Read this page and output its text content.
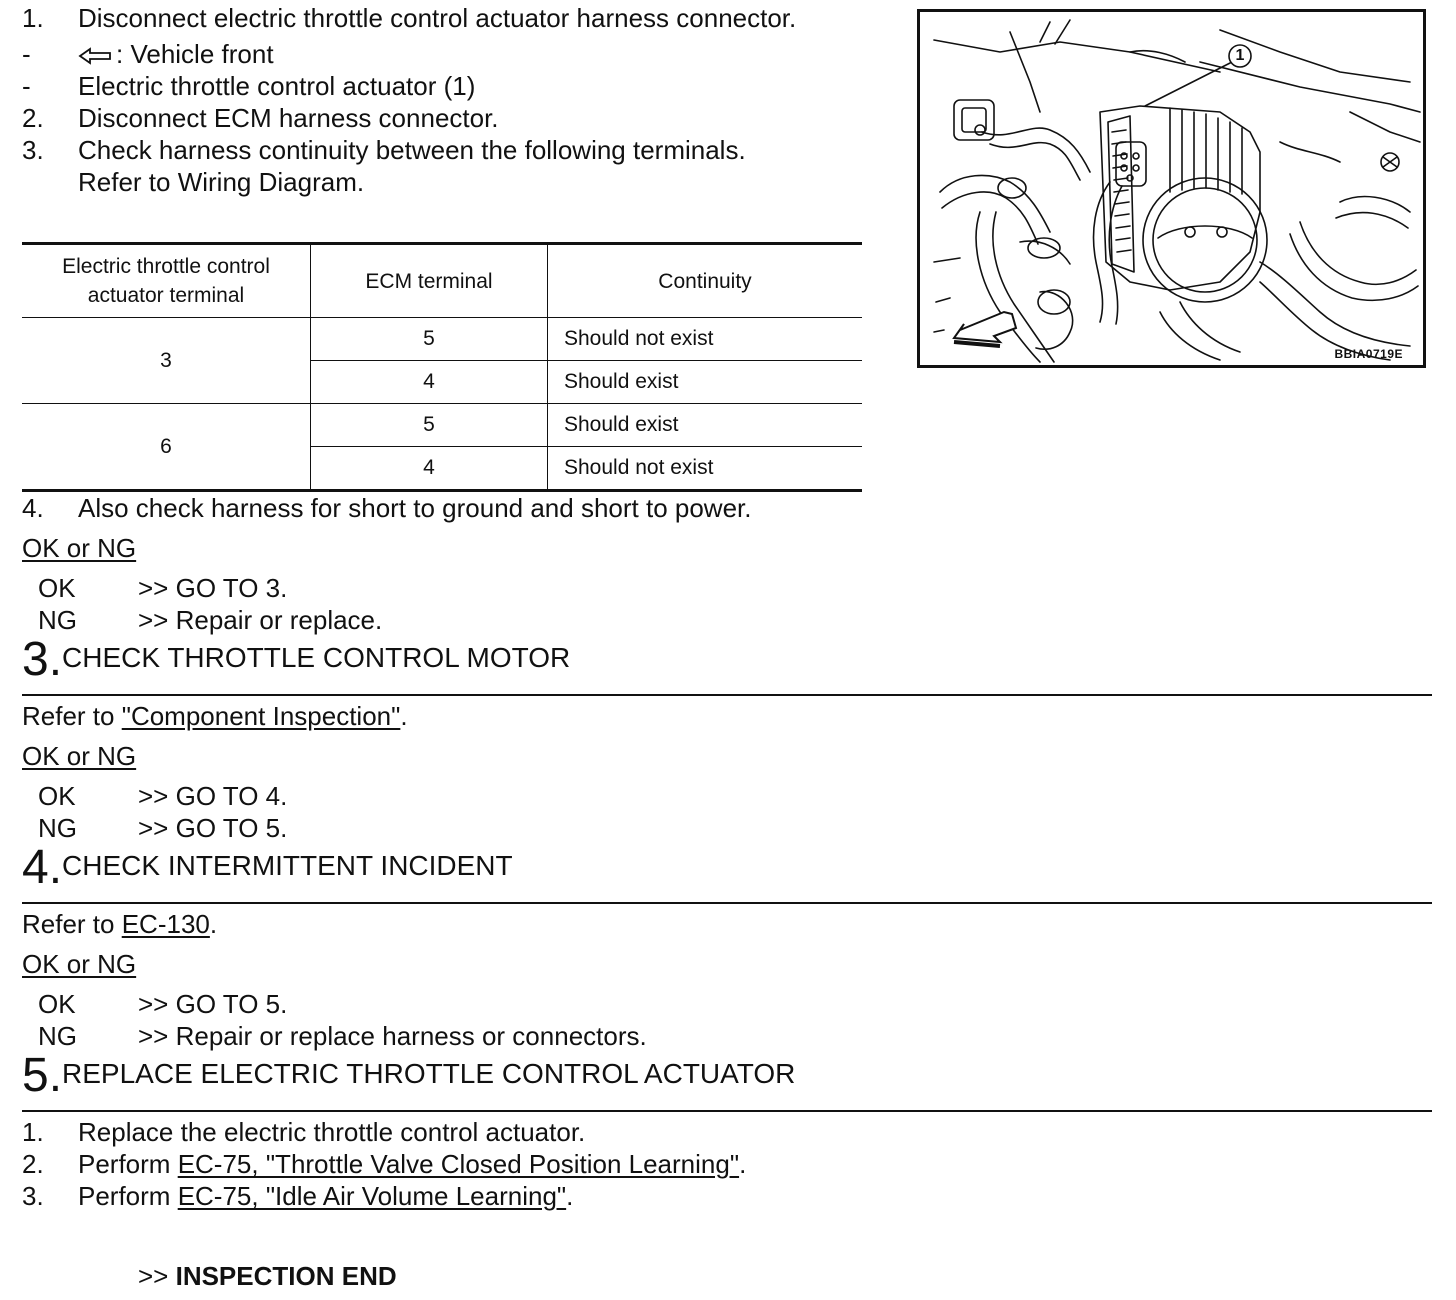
1. Disconnect electric throttle control actuator harness connector.
-	: Vehicle front
- Electric throttle control actuator (1)
2. Disconnect ECM harness connector.
3. Check harness continuity between the following terminals.
Refer to Wiring Diagram.
Electric throttle control
actuator terminal	ECM terminal	Continuity
3	5	Should not exist
	4	Should exist
6	5	Should exist
	4	Should not exist
4. Also check harness for short to ground and short to power.
OK or NG
OK >> GO TO 3.
NG >> Repair or replace.
3.CHECK THROTTLE CONTROL MOTOR
Refer to "Component Inspection".
OK or NG
OK >> GO TO 4.
NG >> GO TO 5.
4.CHECK INTERMITTENT INCIDENT
Refer to EC-130.
OK or NG
OK >> GO TO 5.
NG >> Repair or replace harness or connectors.
5.REPLACE ELECTRIC THROTTLE CONTROL ACTUATOR
1. Replace the electric throttle control actuator.
2. Perform EC-75, "Throttle Valve Closed Position Learning".
3. Perform EC-75, "Idle Air Volume Learning".
>> INSPECTION END
1
BBIA0719E
